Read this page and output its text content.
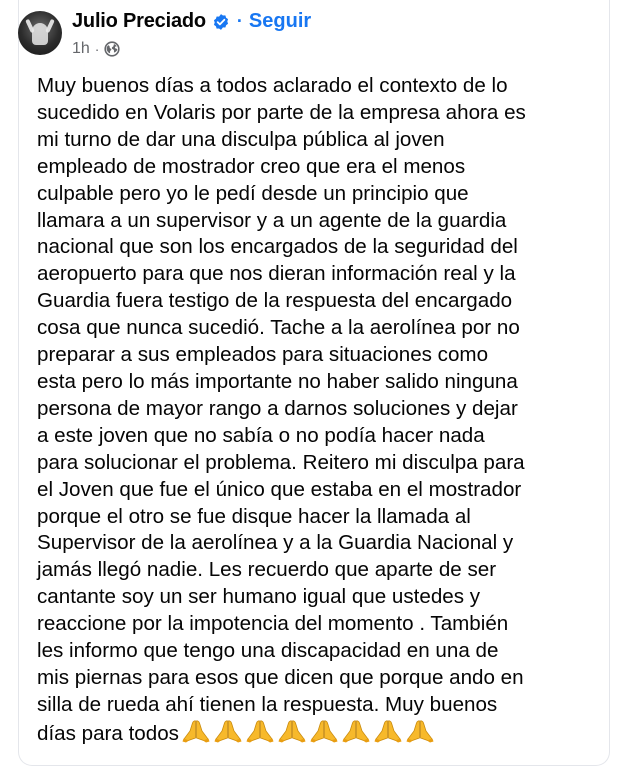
Julio Preciado · Seguir
1h ·
Muy buenos días a todos aclarado el contexto de lo
sucedido en Volaris por parte de la empresa ahora es
mi turno de dar una disculpa pública al joven
empleado de mostrador creo que era el menos
culpable pero yo le pedí desde un principio que
llamara a un supervisor y a un agente de la guardia
nacional que son los encargados de la seguridad del
aeropuerto para que nos dieran información real y la
Guardia fuera testigo de la respuesta del encargado
cosa que nunca sucedió. Tache a la aerolínea por no
preparar a sus empleados para situaciones como
esta pero lo más importante no haber salido ninguna
persona de mayor rango a darnos soluciones y dejar
a este joven que no sabía o no podía hacer nada
para solucionar el problema. Reitero mi disculpa para
el Joven que fue el único que estaba en el mostrador
porque el otro se fue disque hacer la llamada al
Supervisor de la aerolínea y a la Guardia Nacional y
jamás llegó nadie. Les recuerdo que aparte de ser
cantante soy un ser humano igual que ustedes y
reaccione por la impotencia del momento . También
les informo que tengo una discapacidad en una de
mis piernas para esos que dicen que porque ando en
silla de rueda ahí tienen la respuesta. Muy buenos
días para todos
